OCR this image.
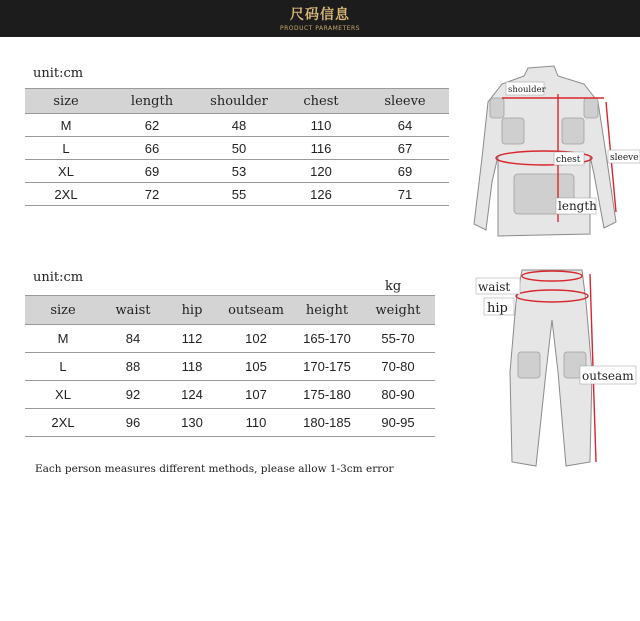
尺码信息
PRODUCT PARAMETERS
unit:cm
size	length	shoulder	chest	sleeve
M	62	48	110	64
L	66	50	116	67
XL	69	53	120	69
2XL	72	55	126	71
shoulder
chest	sleeve
length
unit:cm
kg
size	waist	hip	outseam	height	weight
M	84	112	102	165-170	55-70
L	88	118	105	170-175	70-80
XL	92	124	107	175-180	80-90
2XL	96	130	110	180-185	90-95
Each person measures different methods, please allow 1-3cm error
waist
hip
outseam
